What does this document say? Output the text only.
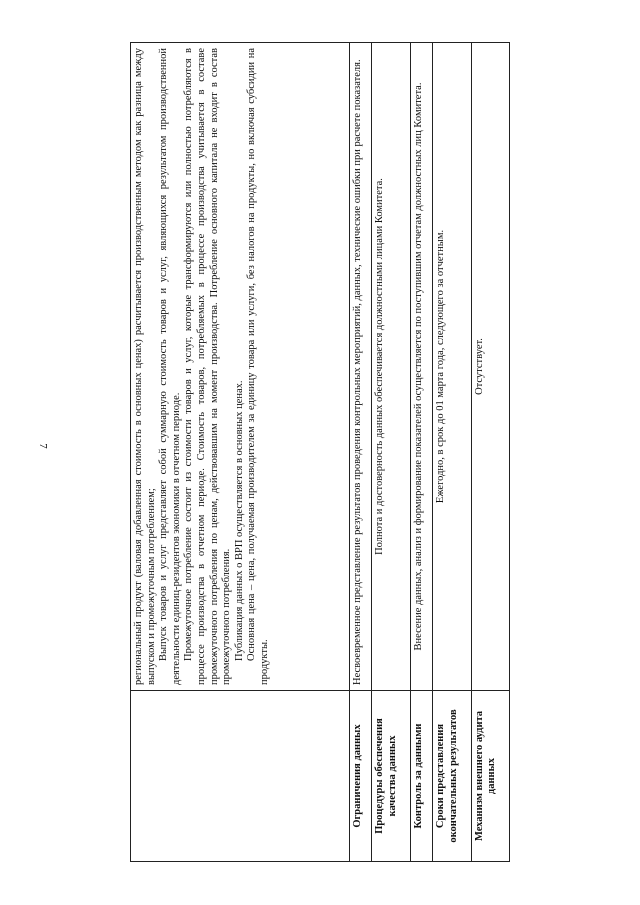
7

	региональный продукт (валовая добавленная стоимость в основных ценах) расчитывается производственным методом как разница между выпуском и промежуточным потреблением; Выпуск товаров и услуг представляет собой суммарную стоимость товаров и услуг, являющихся результатом производственной деятельности единиц-резидентов экономики в отчетном периоде. Промежуточное потребление состоит из стоимости товаров и услуг, которые трансформируются или полностью потребляются в процессе производства в отчетном периоде. Стоимость товаров, потребляемых в процессе производства учитывается в составе промежуточного потребления по ценам, действовавшим на момент производства. Потребление основного капитала не входит в состав промежуточного потребления. Публикация данных о ВРП осуществляется в основных ценах. Основная цена – цена, получаемая производителем за единицу товара или услуги, без налогов на продукты, но включая субсидии на продукты.

Ограничения данных	Несвоевременное представление результатов проведения контрольных мероприятий, данных, технические ошибки при расчете показателя.
Процедуры обеспечения качества данных	Полнота и достоверность данных обеспечивается должностными лицами Комитета.
Контроль за данными	Внесение данных, анализ и формирование показателей осуществляется по поступившим отчетам должностных лиц Комитета.
Сроки представления окончательных результатов	Ежегодно, в срок до 01 марта года, следующего за отчетным.
Механизм внешнего аудита данных	Отсутствует.
